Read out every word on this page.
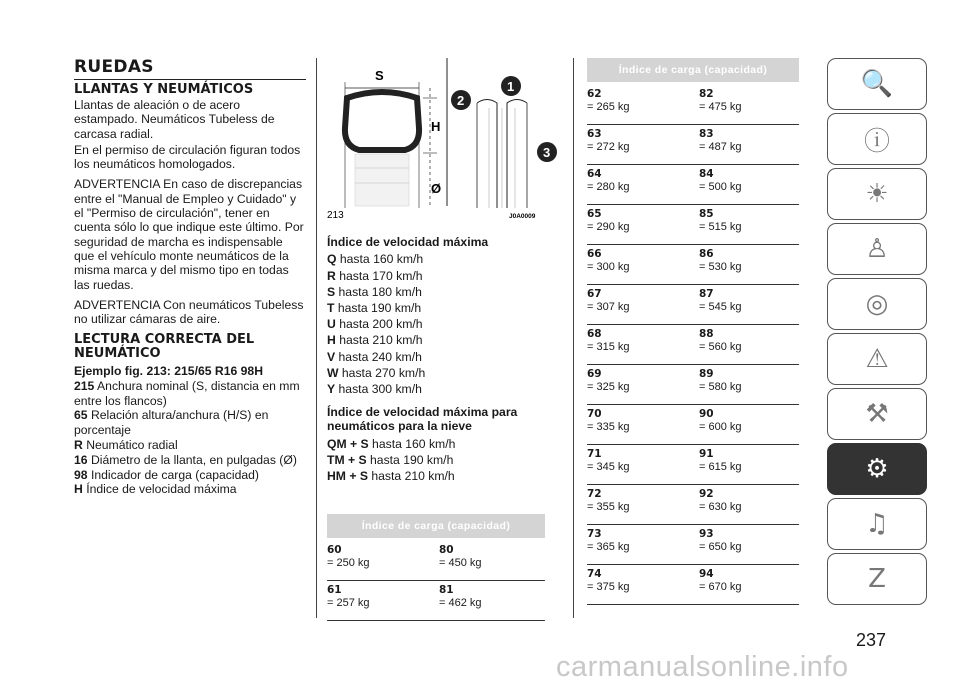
RUEDAS
LLANTAS Y NEUMÁTICOS

Llantas de aleación o de acero estampado. Neumáticos Tubeless de carcasa radial.

En el permiso de circulación figuran todos los neumáticos homologados.

ADVERTENCIA En caso de discrepancias entre el "Manual de Empleo y Cuidado" y el "Permiso de circulación", tener en cuenta sólo lo que indique este último. Por seguridad de marcha es indispensable que el vehículo monte neumáticos de la misma marca y del mismo tipo en todas las ruedas.

ADVERTENCIA Con neumáticos Tubeless no utilizar cámaras de aire.

LECTURA CORRECTA DEL NEUMÁTICO

Ejemplo fig. 213: 215/65 R16 98H

215 Anchura nominal (S, distancia en mm entre los flancos)

65 Relación altura/anchura (H/S) en porcentaje

R Neumático radial

16 Diámetro de la llanta, en pulgadas (Ø)

98 Indicador de carga (capacidad)

H Índice de velocidad máxima

S
H
Ø
2
1
3
213	J0A0009

Índice de velocidad máxima

Q hasta 160 km/h

R hasta 170 km/h

S hasta 180 km/h

T hasta 190 km/h

U hasta 200 km/h

H hasta 210 km/h

V hasta 240 km/h

W hasta 270 km/h

Y hasta 300 km/h

Índice de velocidad máxima para neumáticos para la nieve

QM + S hasta 160 km/h

TM + S hasta 190 km/h

HM + S hasta 210 km/h

Índice de carga (capacidad)
60
= 250 kg
80
= 450 kg
61
= 257 kg
81
= 462 kg
Índice de carga (capacidad)
62
= 265 kg
82
= 475 kg
63
= 272 kg
83
= 487 kg
64
= 280 kg
84
= 500 kg
65
= 290 kg
85
= 515 kg
66
= 300 kg
86
= 530 kg
67
= 307 kg
87
= 545 kg
68
= 315 kg
88
= 560 kg
69
= 325 kg
89
= 580 kg
70
= 335 kg
90
= 600 kg
71
= 345 kg
91
= 615 kg
72
= 355 kg
92
= 630 kg
73
= 365 kg
93
= 650 kg
74
= 375 kg
94
= 670 kg
🔍
ⓘ
☀
♙
◎
⚠
⚒
⚙
♫
Z
237
carmanualsonline.info
